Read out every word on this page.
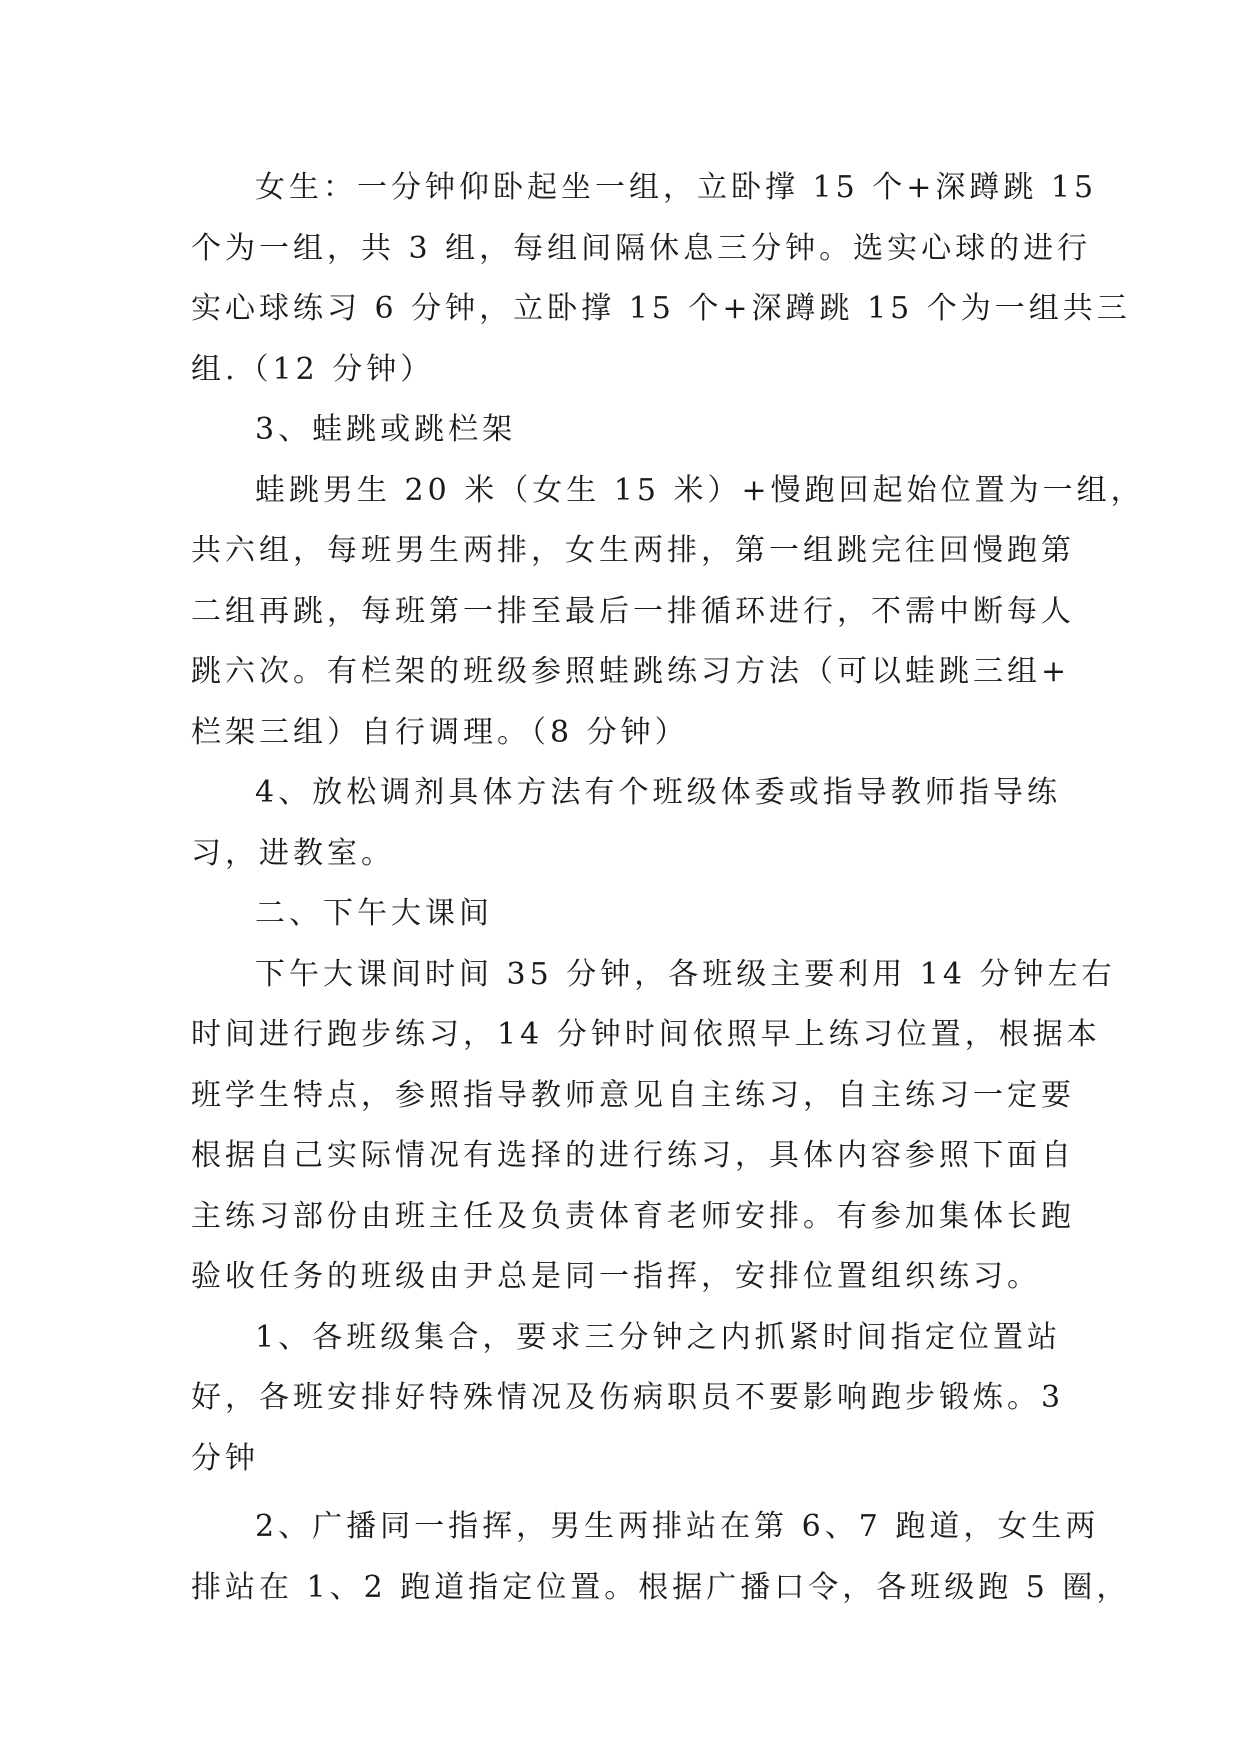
女生：一分钟仰卧起坐一组，立卧撑 15 个+深蹲跳 15
个为一组，共 3 组，每组间隔休息三分钟。选实心球的进行
实心球练习 6 分钟，立卧撑 15 个+深蹲跳 15 个为一组共三
组.（12 分钟）
3、蛙跳或跳栏架
蛙跳男生 20 米（女生 15 米）+慢跑回起始位置为一组，
共六组，每班男生两排，女生两排，第一组跳完往回慢跑第
二组再跳，每班第一排至最后一排循环进行，不需中断每人
跳六次。有栏架的班级参照蛙跳练习方法（可以蛙跳三组+
栏架三组）自行调理。（8 分钟）
4、放松调剂具体方法有个班级体委或指导教师指导练
习，进教室。
二、下午大课间
下午大课间时间 35 分钟，各班级主要利用 14 分钟左右
时间进行跑步练习，14 分钟时间依照早上练习位置，根据本
班学生特点，参照指导教师意见自主练习，自主练习一定要
根据自己实际情况有选择的进行练习，具体内容参照下面自
主练习部份由班主任及负责体育老师安排。有参加集体长跑
验收任务的班级由尹总是同一指挥，安排位置组织练习。
1、各班级集合，要求三分钟之内抓紧时间指定位置站
好，各班安排好特殊情况及伤病职员不要影响跑步锻炼。3
分钟
2、广播同一指挥，男生两排站在第 6、7 跑道，女生两
排站在 1、2 跑道指定位置。根据广播口令，各班级跑 5 圈，
